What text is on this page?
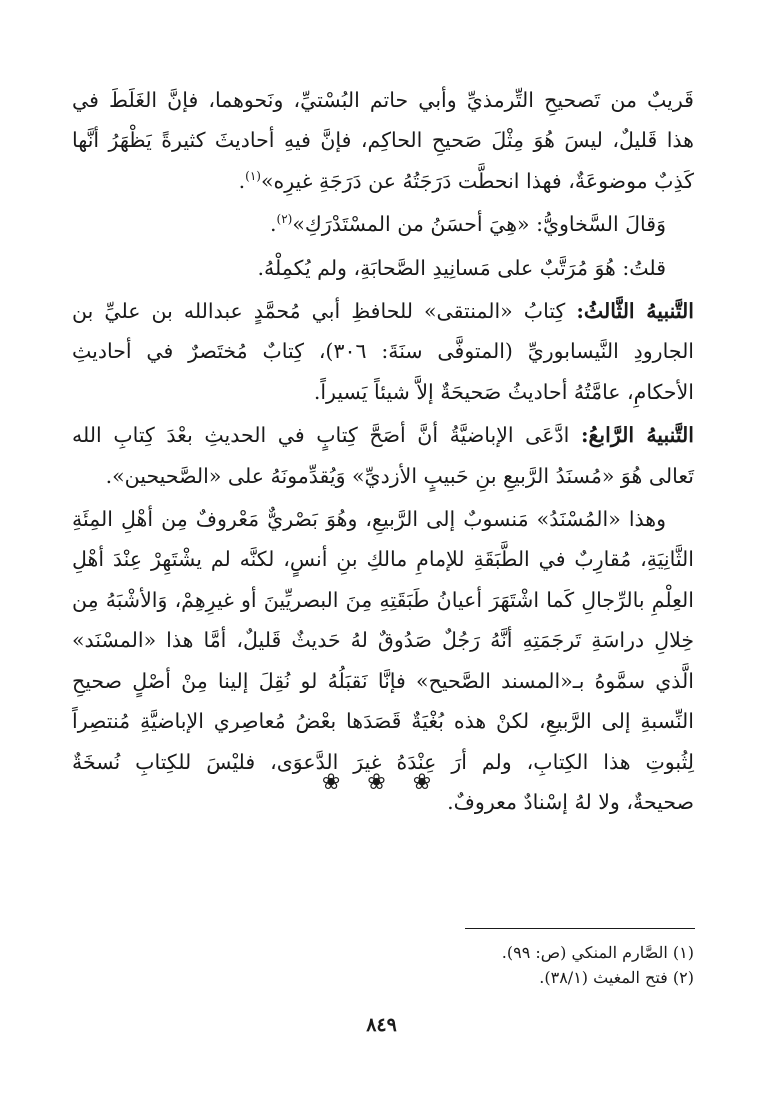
قَريبٌ من تَصحيحِ التِّرمذيِّ وأبي حاتم البُسْتيِّ، ونَحوهما، فإنَّ الغَلَطَ في
هذا قَليلٌ، ليسَ هُوَ مِثْلَ صَحيحِ الحاكِم، فإنَّ فيهِ أحاديثَ كثيرةً يَظْهَرُ أنَّها
كَذِبٌ موضوعَةٌ، فهذا انحطَّت دَرَجَتُهُ عن دَرَجَةِ غيرِه»$^{(١)}$.
وَقالَ السَّخاويُّ: «هِيَ أحسَنُ من المسْتَدْرَكِ»$^{(٢)}$.
قلتُ: هُوَ مُرَتَّبٌ على مَسانِيدِ الصَّحابَةِ، ولم يُكمِلْهُ.
التَّنبيهُ الثَّالثُ: كِتابُ «المنتقى» للحافظِ أبي مُحمَّدٍ عبدالله بن عليِّ بن
الجارودِ النَّيسابوريِّ (المتوفَّى سنَةَ: ٣٠٦)، كِتابٌ مُختَصرٌ في أحاديثِ
الأحكامِ، عامَّتُهُ أحاديثُ صَحيحَةٌ إلاَّ شيئاً يَسيراً.
التَّنبيهُ الرَّابعُ: ادَّعَى الإباضيَّةُ أنَّ أصَحَّ كِتابٍ في الحديثِ بعْدَ كِتابِ الله
تَعالى هُوَ «مُسنَدُ الرَّبيعِ بنِ حَبيبٍ الأزديِّ» وَيُقدِّمونَهُ على «الصَّحيحين».
وهذا «المُسْنَدُ» مَنسوبٌ إلى الرَّبيعِ، وهُوَ بَصْريٌّ مَعْروفٌ مِن أهْلِ المِئَةِ
الثَّانِيَةِ، مُقارِبٌ في الطَّبَقَةِ للإمامِ مالكِ بنِ أنسٍ، لكنَّه لم يشْتَهِرْ عِنْدَ أهْلِ
العِلْمِ بالرِّجالِ كَما اشْتَهَرَ أعيانُ طَبَقَتِهِ مِنَ البصريِّينَ أو غيرِهِمْ، وَالأشْبَهُ مِن
خِلالِ دراسَةِ تَرجَمَتِهِ أنَّهُ رَجُلٌ صَدُوقٌ لهُ حَديثٌ قَليلٌ، أمَّا هذا «المسْنَد»
الَّذي سمَّوهُ بـ«المسند الصَّحيح» فإنَّا نَقبَلُهُ لو نُقِلَ إلينا مِنْ أصْلٍ صحيحِ
النِّسبةِ إلى الرَّبيعِ، لكنْ هذه بُغْيَةٌ قَصَدَها بعْضُ مُعاصِري الإباضيَّةِ مُنتصِراً
لِثُبوتِ هذا الكِتابِ، ولم أرَ عِنْدَهُ غيرَ الدَّعوَى، فليْسَ للكِتابِ نُسخَةٌ
صحيحةٌ، ولا لهُ إسْنادٌ معروفٌ.
❀ ❀ ❀
(١) الصَّارم المنكي (ص: ٩٩).
(٢) فتح المغيث (٣٨/١).
٨٤٩
